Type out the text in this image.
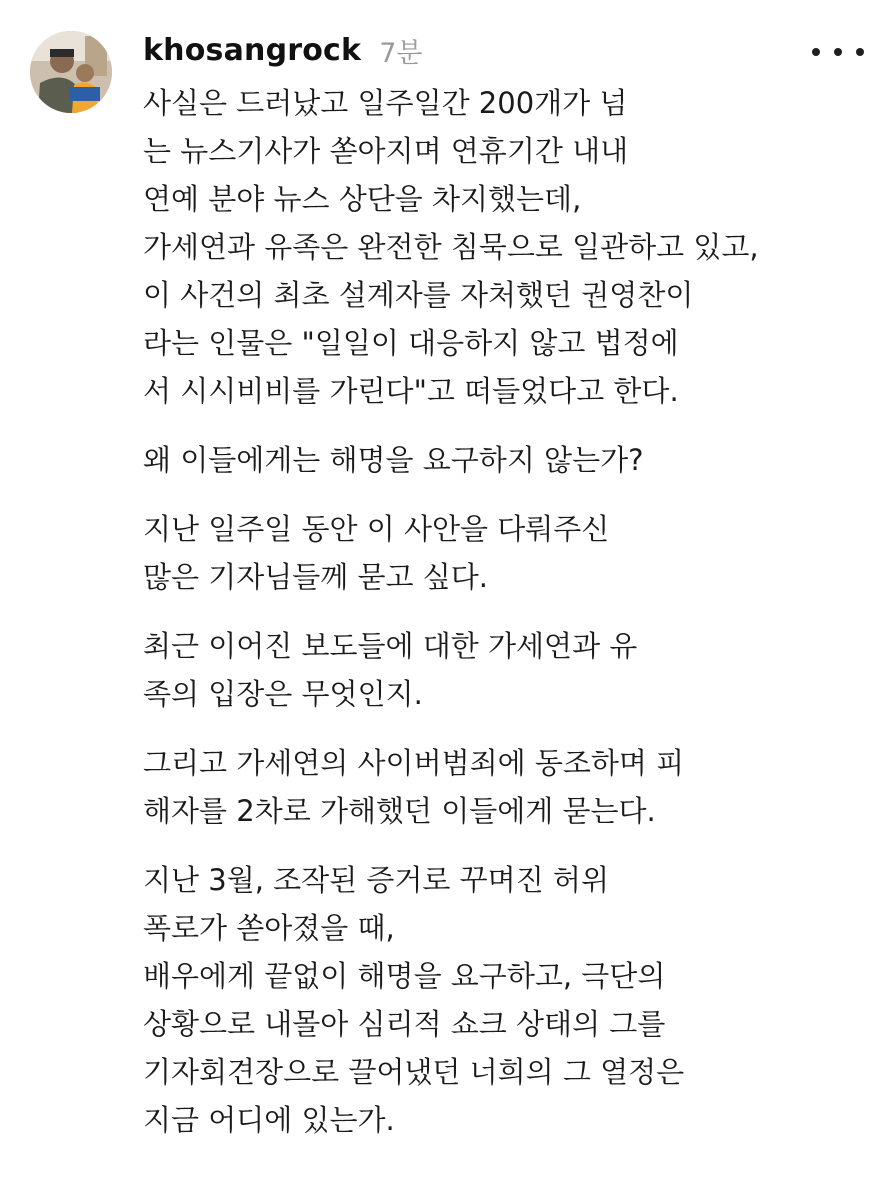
khosangrock 7분
사실은 드러났고 일주일간 200개가 넘
는 뉴스기사가 쏟아지며 연휴기간 내내
연예 분야 뉴스 상단을 차지했는데,
가세연과 유족은 완전한 침묵으로 일관하고 있고,
이 사건의 최초 설계자를 자처했던 권영찬이
라는 인물은 "일일이 대응하지 않고 법정에
서 시시비비를 가린다"고 떠들었다고 한다.
왜 이들에게는 해명을 요구하지 않는가?
지난 일주일 동안 이 사안을 다뤄주신
많은 기자님들께 묻고 싶다.
최근 이어진 보도들에 대한 가세연과 유
족의 입장은 무엇인지.
그리고 가세연의 사이버범죄에 동조하며 피
해자를 2차로 가해했던 이들에게 묻는다.
지난 3월, 조작된 증거로 꾸며진 허위
폭로가 쏟아졌을 때,
배우에게 끝없이 해명을 요구하고, 극단의
상황으로 내몰아 심리적 쇼크 상태의 그를
기자회견장으로 끌어냈던 너희의 그 열정은
지금 어디에 있는가.
